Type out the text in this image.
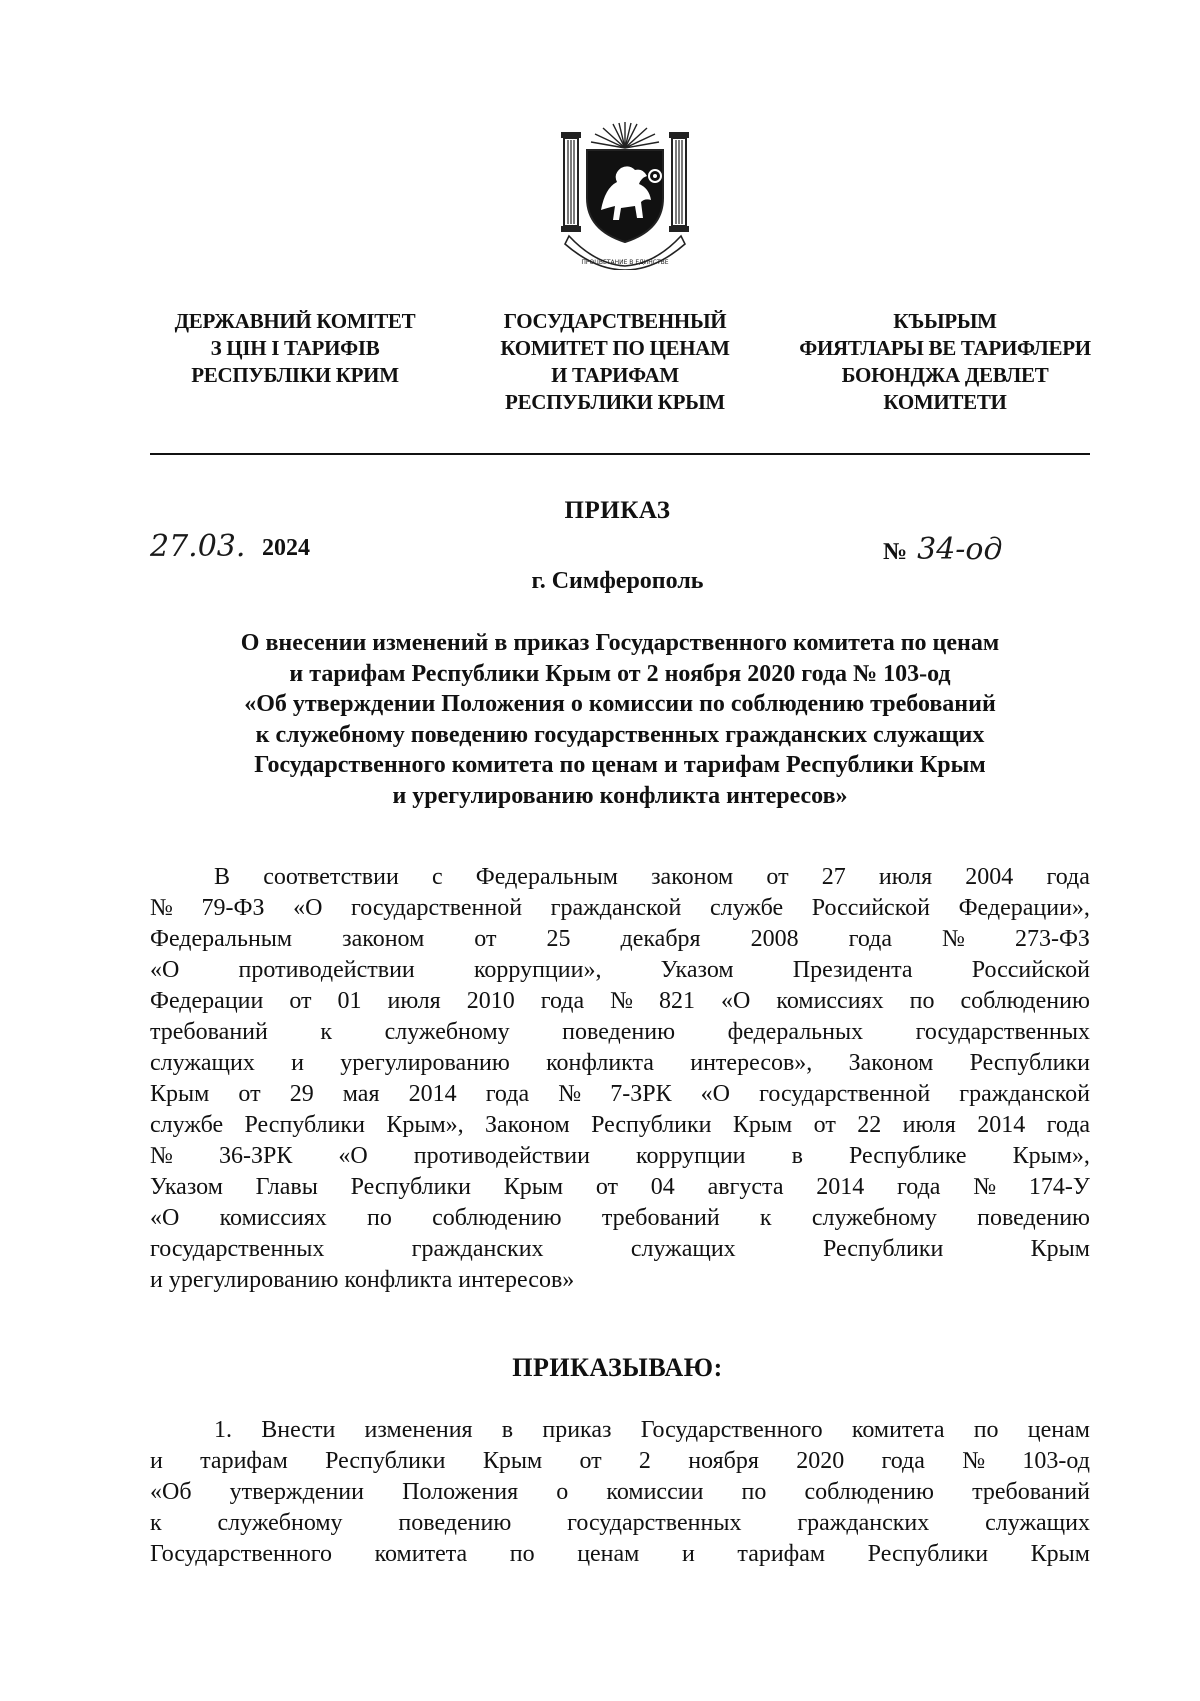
ПРОЦВЕТАНИЕ В ЕДИНСТВЕ
ДЕРЖАВНИЙ КОМІТЕТ
З ЦІН І ТАРИФІВ
РЕСПУБЛІКИ КРИМ
ГОСУДАРСТВЕННЫЙ
КОМИТЕТ ПО ЦЕНАМ
И ТАРИФАМ
РЕСПУБЛИКИ КРЫМ
КЪЫРЫМ
ФИЯТЛАРЫ ВЕ ТАРИФЛЕРИ
БОЮНДЖА ДЕВЛЕТ
КОМИТЕТИ
ПРИКАЗ
27.03. 2024	№ 34-од
г. Симферополь
О внесении изменений в приказ Государственного комитета по ценам
и тарифам Республики Крым от 2 ноября 2020 года № 103-од
«Об утверждении Положения о комиссии по соблюдению требований
к служебному поведению государственных гражданских служащих
Государственного комитета по ценам и тарифам Республики Крым
и урегулированию конфликта интересов»
В соответствии с Федеральным законом от 27 июля 2004 года
№ 79-ФЗ «О государственной гражданской службе Российской Федерации»,
Федеральным законом от 25 декабря 2008 года № 273-ФЗ
«О противодействии коррупции», Указом Президента Российской
Федерации от 01 июля 2010 года № 821 «О комиссиях по соблюдению
требований к служебному поведению федеральных государственных
служащих и урегулированию конфликта интересов», Законом Республики
Крым от 29 мая 2014 года № 7-ЗРК «О государственной гражданской
службе Республики Крым», Законом Республики Крым от 22 июля 2014 года
№ 36-ЗРК «О противодействии коррупции в Республике Крым»,
Указом Главы Республики Крым от 04 августа 2014 года № 174-У
«О комиссиях по соблюдению требований к служебному поведению
государственных	гражданских	служащих	Республики	Крым
и урегулированию конфликта интересов»
ПРИКАЗЫВАЮ:
1. Внести изменения в приказ Государственного комитета по ценам
и тарифам Республики Крым от 2 ноября 2020 года № 103-од
«Об утверждении Положения о комиссии по соблюдению требований
к служебному поведению государственных гражданских служащих
Государственного комитета по ценам и тарифам Республики Крым
